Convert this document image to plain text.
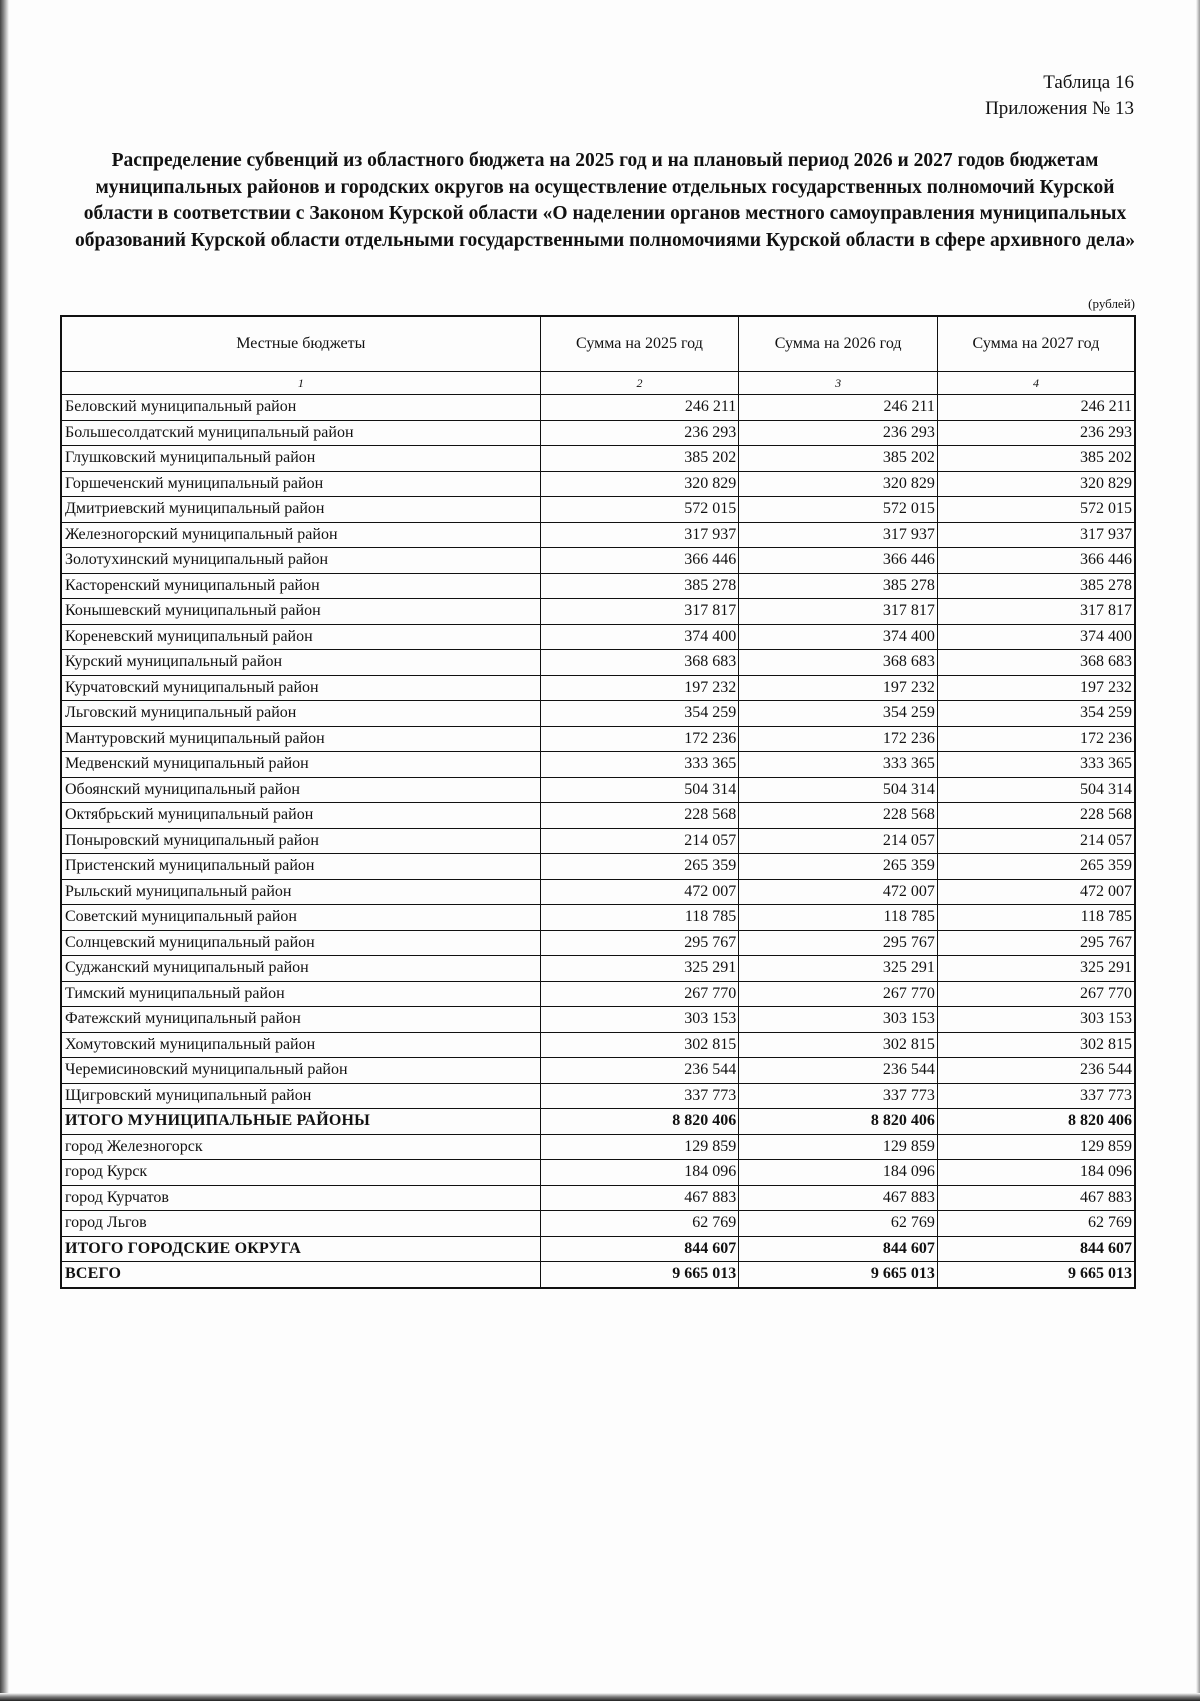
Таблица 16
Приложения № 13
Распределение субвенций из областного бюджета на 2025 год и на плановый период 2026 и 2027 годов бюджетам муниципальных районов и городских округов на осуществление отдельных государственных полномочий Курской области в соответствии с Законом Курской области «О наделении органов местного самоуправления муниципальных образований Курской области отдельными государственными полномочиями Курской области в сфере архивного дела»
(рублей)
Местные бюджеты	Сумма на 2025 год	Сумма на 2026 год	Сумма на 2027 год
1	2	3	4
Беловский муниципальный район	246 211	246 211	246 211
Большесолдатский муниципальный район	236 293	236 293	236 293
Глушковский муниципальный район	385 202	385 202	385 202
Горшеченский муниципальный район	320 829	320 829	320 829
Дмитриевский муниципальный район	572 015	572 015	572 015
Железногорский муниципальный район	317 937	317 937	317 937
Золотухинский муниципальный район	366 446	366 446	366 446
Касторенский муниципальный район	385 278	385 278	385 278
Конышевский муниципальный район	317 817	317 817	317 817
Кореневский муниципальный район	374 400	374 400	374 400
Курский муниципальный район	368 683	368 683	368 683
Курчатовский муниципальный район	197 232	197 232	197 232
Льговский муниципальный район	354 259	354 259	354 259
Мантуровский муниципальный район	172 236	172 236	172 236
Медвенский муниципальный район	333 365	333 365	333 365
Обоянский муниципальный район	504 314	504 314	504 314
Октябрьский муниципальный район	228 568	228 568	228 568
Поныровский муниципальный район	214 057	214 057	214 057
Пристенский муниципальный район	265 359	265 359	265 359
Рыльский муниципальный район	472 007	472 007	472 007
Советский муниципальный район	118 785	118 785	118 785
Солнцевский муниципальный район	295 767	295 767	295 767
Суджанский муниципальный район	325 291	325 291	325 291
Тимский муниципальный район	267 770	267 770	267 770
Фатежский муниципальный район	303 153	303 153	303 153
Хомутовский муниципальный район	302 815	302 815	302 815
Черемисиновский муниципальный район	236 544	236 544	236 544
Щигровский муниципальный район	337 773	337 773	337 773
ИТОГО МУНИЦИПАЛЬНЫЕ РАЙОНЫ	8 820 406	8 820 406	8 820 406
город Железногорск	129 859	129 859	129 859
город Курск	184 096	184 096	184 096
город Курчатов	467 883	467 883	467 883
город Льгов	62 769	62 769	62 769
ИТОГО ГОРОДСКИЕ ОКРУГА	844 607	844 607	844 607
ВСЕГО	9 665 013	9 665 013	9 665 013
